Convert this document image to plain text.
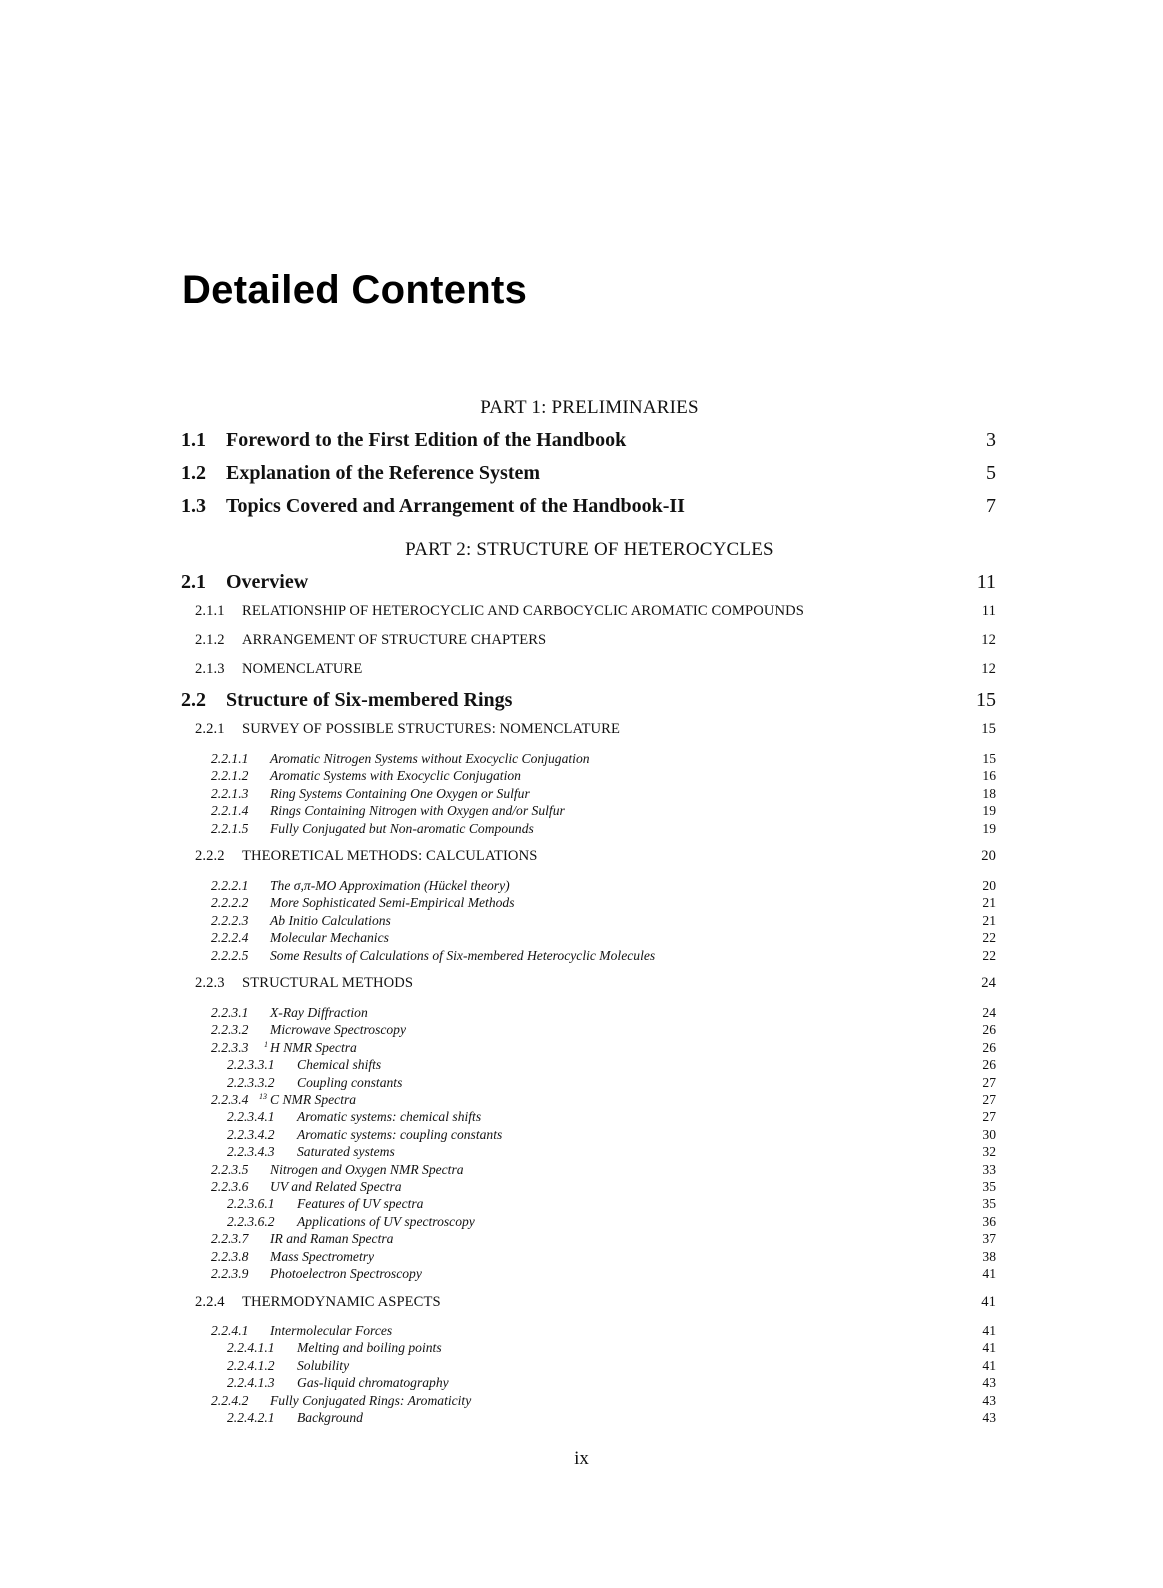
Detailed Contents
PART 1: PRELIMINARIES
1.1 Foreword to the First Edition of the Handbook	3
1.2 Explanation of the Reference System	5
1.3 Topics Covered and Arrangement of the Handbook-II	7
PART 2: STRUCTURE OF HETEROCYCLES
2.1 Overview	11
2.1.1 RELATIONSHIP OF HETEROCYCLIC AND CARBOCYCLIC AROMATIC COMPOUNDS	11
2.1.2 ARRANGEMENT OF STRUCTURE CHAPTERS	12
2.1.3 NOMENCLATURE	12
2.2 Structure of Six-membered Rings	15
2.2.1 SURVEY OF POSSIBLE STRUCTURES: NOMENCLATURE	15
2.2.1.1 Aromatic Nitrogen Systems without Exocyclic Conjugation	15
2.2.1.2 Aromatic Systems with Exocyclic Conjugation	16
2.2.1.3 Ring Systems Containing One Oxygen or Sulfur	18
2.2.1.4 Rings Containing Nitrogen with Oxygen and/or Sulfur	19
2.2.1.5 Fully Conjugated but Non-aromatic Compounds	19
2.2.2 THEORETICAL METHODS: CALCULATIONS	20
2.2.2.1 The σ,π-MO Approximation (Hückel theory)	20
2.2.2.2 More Sophisticated Semi-Empirical Methods	21
2.2.2.3 Ab Initio Calculations	21
2.2.2.4 Molecular Mechanics	22
2.2.2.5 Some Results of Calculations of Six-membered Heterocyclic Molecules	22
2.2.3 STRUCTURAL METHODS	24
2.2.3.1 X-Ray Diffraction	24
2.2.3.2 Microwave Spectroscopy	26
2.2.3.3 1 H NMR Spectra	26
2.2.3.3.1 Chemical shifts	26
2.2.3.3.2 Coupling constants	27
2.2.3.4 13 C NMR Spectra	27
2.2.3.4.1 Aromatic systems: chemical shifts	27
2.2.3.4.2 Aromatic systems: coupling constants	30
2.2.3.4.3 Saturated systems	32
2.2.3.5 Nitrogen and Oxygen NMR Spectra	33
2.2.3.6 UV and Related Spectra	35
2.2.3.6.1 Features of UV spectra	35
2.2.3.6.2 Applications of UV spectroscopy	36
2.2.3.7 IR and Raman Spectra	37
2.2.3.8 Mass Spectrometry	38
2.2.3.9 Photoelectron Spectroscopy	41
2.2.4 THERMODYNAMIC ASPECTS	41
2.2.4.1 Intermolecular Forces	41
2.2.4.1.1 Melting and boiling points	41
2.2.4.1.2 Solubility	41
2.2.4.1.3 Gas-liquid chromatography	43
2.2.4.2 Fully Conjugated Rings: Aromaticity	43
2.2.4.2.1 Background	43
ix
